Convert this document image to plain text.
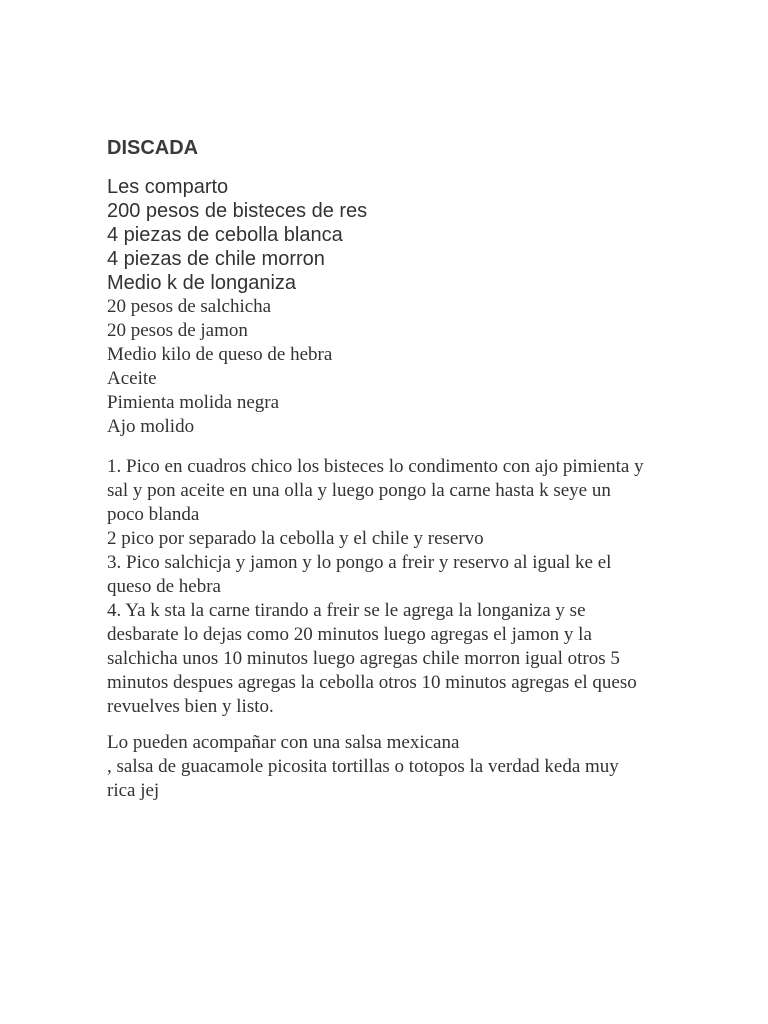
DISCADA
Les comparto
200 pesos de bisteces de res
4 piezas de cebolla blanca
4 piezas de chile morron
Medio k de longaniza
20 pesos de salchicha
20 pesos de jamon
Medio kilo de queso de hebra
Aceite
Pimienta molida negra
Ajo molido

1. Pico en cuadros chico los bisteces lo condimento con ajo pimienta y
sal y pon aceite en una olla y luego pongo la carne hasta k seye un
poco blanda
2 pico por separado la cebolla y el chile y reservo
3. Pico salchicja y jamon y lo pongo a freir y reservo al igual ke el
queso de hebra
4. Ya k sta la carne tirando a freir se le agrega la longaniza y se
desbarate lo dejas como 20 minutos luego agregas el jamon y la
salchicha unos 10 minutos luego agregas chile morron igual otros 5
minutos despues agregas la cebolla otros 10 minutos agregas el queso
revuelves bien y listo.

Lo pueden acompañar con una salsa mexicana
, salsa de guacamole picosita tortillas o totopos la verdad keda muy
rica jej
